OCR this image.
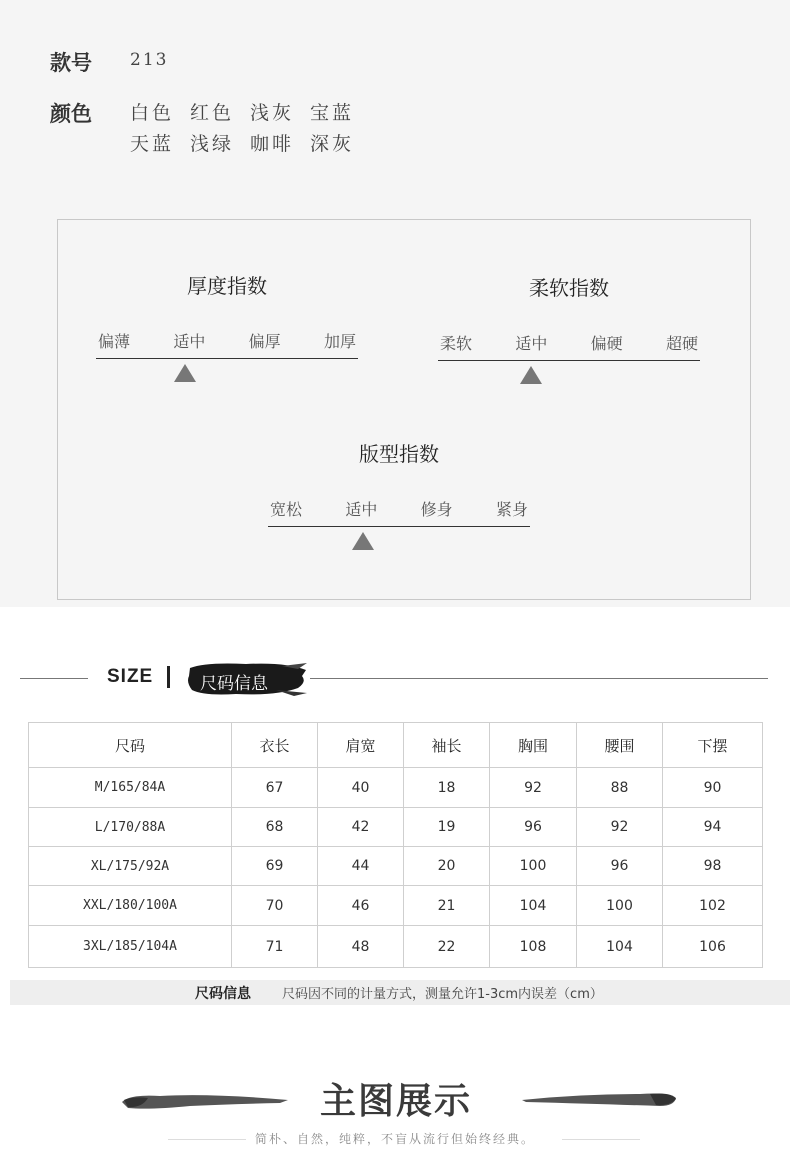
款号	213
颜色	白色 红色 浅灰 宝蓝
天蓝 浅绿 咖啡 深灰
厚度指数
偏薄	适中	偏厚	加厚
柔软指数
柔软	适中	偏硬	超硬
版型指数
宽松	适中	修身	紧身
SIZE	尺码信息
尺码	衣长	肩宽	袖长	胸围	腰围	下摆
M/165/84A	67	40	18	92	88	90
L/170/88A	68	42	19	96	92	94
XL/175/92A	69	44	20	100	96	98
XXL/180/100A	70	46	21	104	100	102
3XL/185/104A	71	48	22	108	104	106
尺码信息 尺码因不同的计量方式，测量允许1-3cm内误差（cm）
主图展示
简朴、自然，纯粹，不盲从流行但始终经典。
